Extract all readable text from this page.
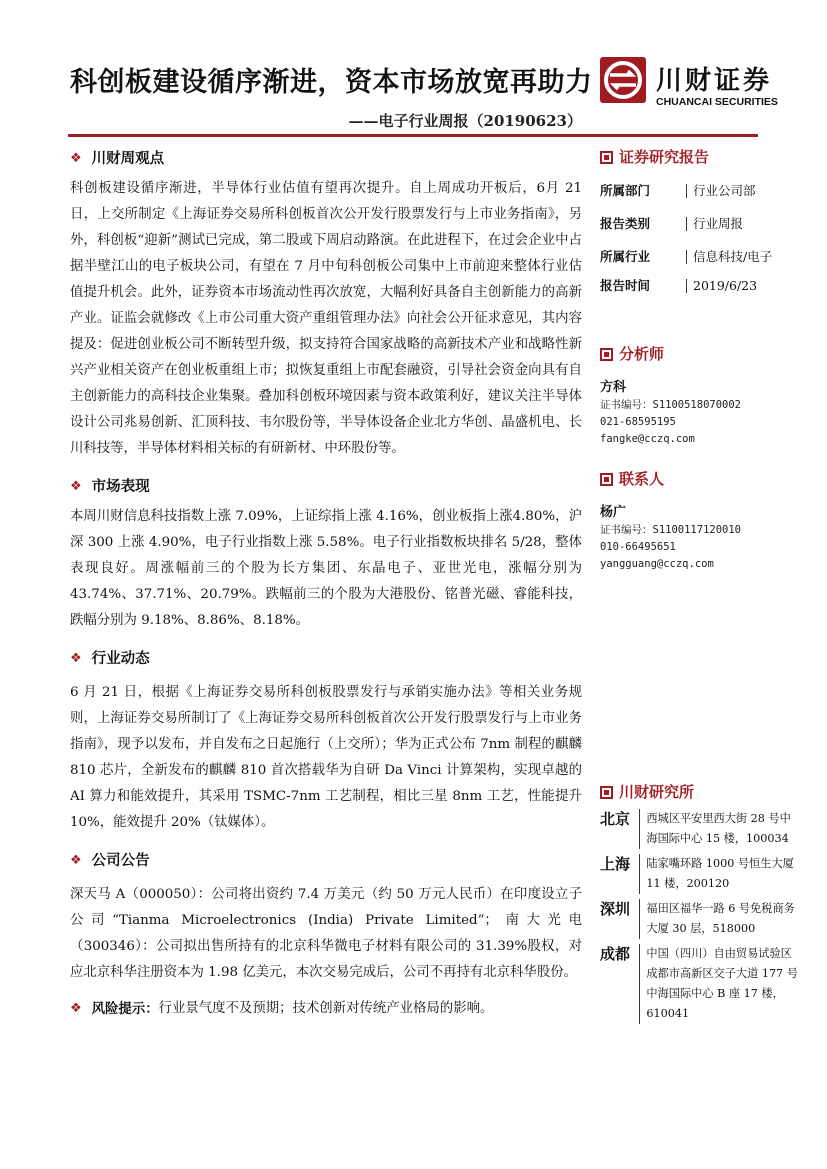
科创板建设循序渐进，资本市场放宽再助力
——电子行业周报（20190623）
川财证券
CHUANCAI SECURITIES
❖ 川财周观点

科创板建设循序渐进，半导体行业估值有望再次提升。自上周成功开板后，6月 21 日，上交所制定《上海证券交易所科创板首次公开发行股票发行与上市业务指南》，另外，科创板“迎新”测试已完成，第二股或下周启动路演。在此进程下，在过会企业中占据半壁江山的电子板块公司，有望在 7 月中旬科创板公司集中上市前迎来整体行业估值提升机会。此外，证券资本市场流动性再次放宽，大幅利好具备自主创新能力的高新产业。证监会就修改《上市公司重大资产重组管理办法》向社会公开征求意见，其内容提及：促进创业板公司不断转型升级，拟支持符合国家战略的高新技术产业和战略性新兴产业相关资产在创业板重组上市；拟恢复重组上市配套融资，引导社会资金向具有自主创新能力的高科技企业集聚。叠加科创板环境因素与资本政策利好，建议关注半导体设计公司兆易创新、汇顶科技、韦尔股份等，半导体设备企业北方华创、晶盛机电、长川科技等，半导体材料相关标的有研新材、中环股份等。

❖ 市场表现

本周川财信息科技指数上涨 7.09%，上证综指上涨 4.16%，创业板指上涨4.80%，沪深 300 上涨 4.90%，电子行业指数上涨 5.58%。电子行业指数板块排名 5/28，整体表现良好。周涨幅前三的个股为长方集团、东晶电子、亚世光电，涨幅分别为 43.74%、37.71%、20.79%。跌幅前三的个股为大港股份、铭普光磁、睿能科技，跌幅分别为 9.18%、8.86%、8.18%。

❖ 行业动态

6 月 21 日，根据《上海证券交易所科创板股票发行与承销实施办法》等相关业务规则，上海证券交易所制订了《上海证券交易所科创板首次公开发行股票发行与上市业务指南》，现予以发布，并自发布之日起施行（上交所）；华为正式公布 7nm 制程的麒麟 810 芯片，全新发布的麒麟 810 首次搭载华为自研 Da Vinci 计算架构，实现卓越的 AI 算力和能效提升，其采用 TSMC-7nm 工艺制程，相比三星 8nm 工艺，性能提升 10%，能效提升 20%（钛媒体）。

❖ 公司公告

深天马 A（000050）：公司将出资约 7.4 万美元（约 50 万元人民币）在印度设立子公司“Tianma Microelectronics (India) Private Limited”；南大光电（300346）：公司拟出售所持有的北京科华微电子材料有限公司的 31.39%股权，对应北京科华注册资本为 1.98 亿美元，本次交易完成后，公司不再持有北京科华股份。

❖ 风险提示： 行业景气度不及预期；技术创新对传统产业格局的影响。
证券研究报告
所属部门	行业公司部
报告类别	行业周报
所属行业	信息科技/电子
报告时间	2019/6/23
分析师
方科
证书编号：S1100518070002
021-68595195
fangke@cczq.com
联系人
杨广
证书编号：S1100117120010
010-66495651
yangguang@cczq.com
川财研究所
北京	西城区平安里西大街 28 号中海国际中心 15 楼，100034
上海	陆家嘴环路 1000 号恒生大厦 11 楼，200120
深圳	福田区福华一路 6 号免税商务大厦 30 层，518000
成都	中国（四川）自由贸易试验区成都市高新区交子大道 177 号中海国际中心 B 座 17 楼，610041
